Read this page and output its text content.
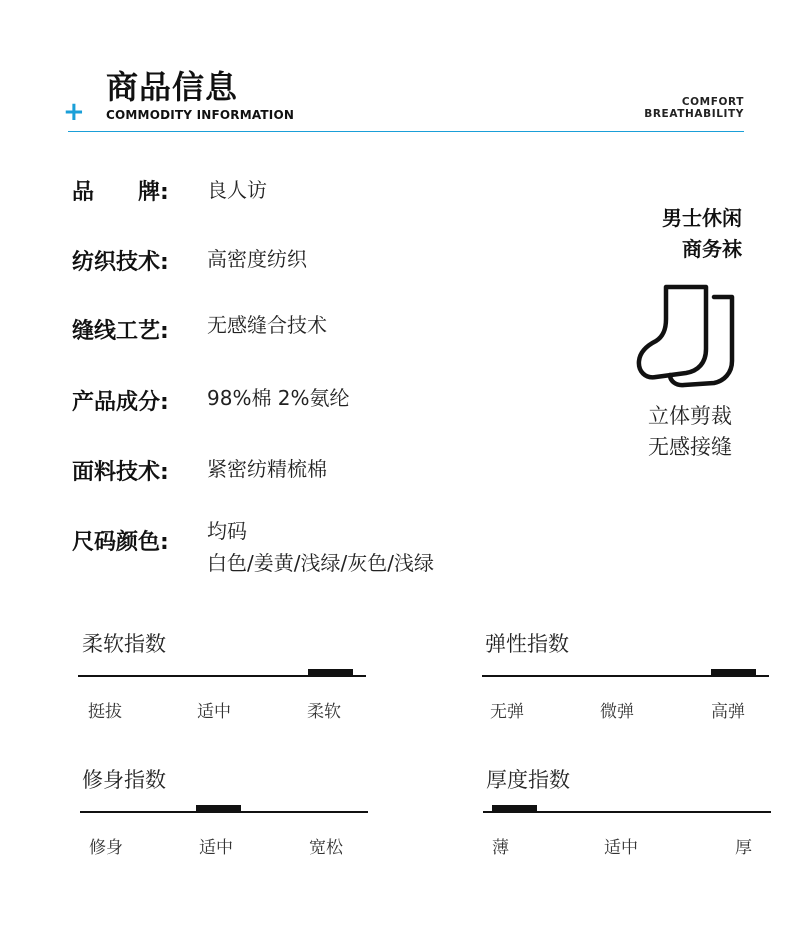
商品信息
+ COMMODITY INFORMATION
COMFORT
BREATHABILITY
品　　牌:	良人访
纺织技术:	高密度纺织
缝线工艺:	无感缝合技术
产品成分:	98%棉 2%氨纶
面料技术:	紧密纺精梳棉
尺码颜色:	均码
白色/姜黄/浅绿/灰色/浅绿
男士休闲
商务袜
立体剪裁
无感接缝
柔软指数
挺拔	适中	柔软
弹性指数
无弹	微弹	高弹
修身指数
修身	适中	宽松
厚度指数
薄	适中	厚
